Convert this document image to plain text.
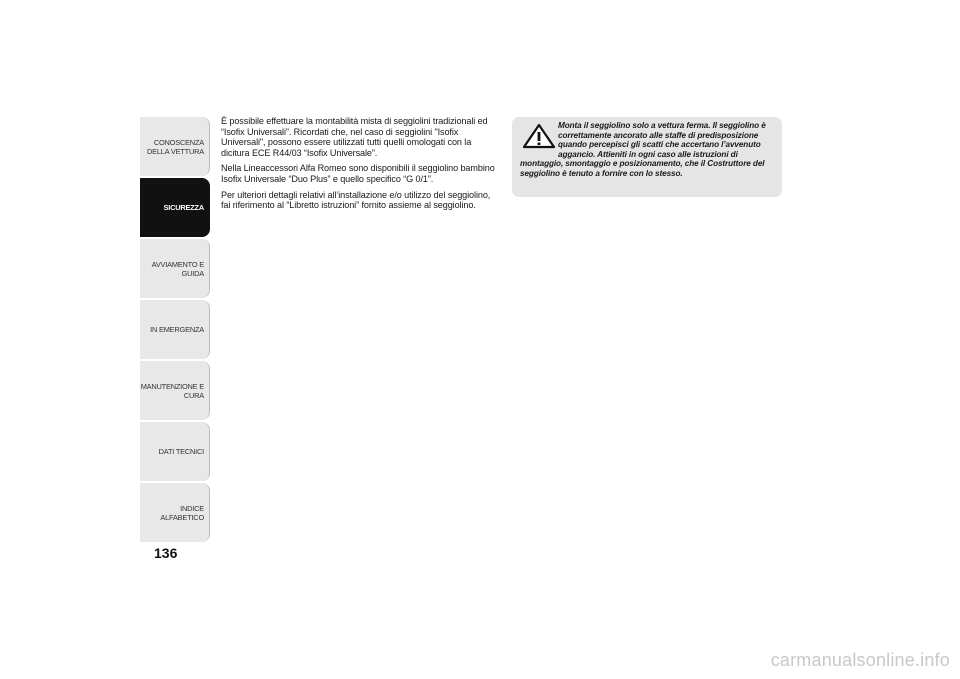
CONOSCENZA
DELLA VETTURA
SICUREZZA
AVVIAMENTO E
GUIDA
IN EMERGENZA
MANUTENZIONE E
CURA
DATI TECNICI
INDICE ALFABETICO
136

È possibile effettuare la montabilità mista di seggiolini tradizionali ed “Isofix Universali”. Ricordati che, nel caso di seggiolini "Isofix Universali", possono essere utilizzati tutti quelli omologati con la dicitura ECE R44/03 “Isofix Universale”.

Nella Lineaccessori Alfa Romeo sono disponibili il seggiolino bambino Isofix Universale “Duo Plus” e quello specifico “G 0/1”.

Per ulteriori dettagli relativi all’installazione e/o utilizzo del seggiolino, fai riferimento al “Libretto istruzioni” fornito assieme al seggiolino.

Monta il seggiolino solo a vettura ferma. Il seggiolino è correttamente ancorato alle staffe di predisposizione quando percepisci gli scatti che accertano l’avvenuto aggancio. Attieniti in ogni caso alle istruzioni di montaggio, smontaggio e posizionamento, che il Costruttore del seggiolino è tenuto a fornire con lo stesso.

carmanualsonline.info
